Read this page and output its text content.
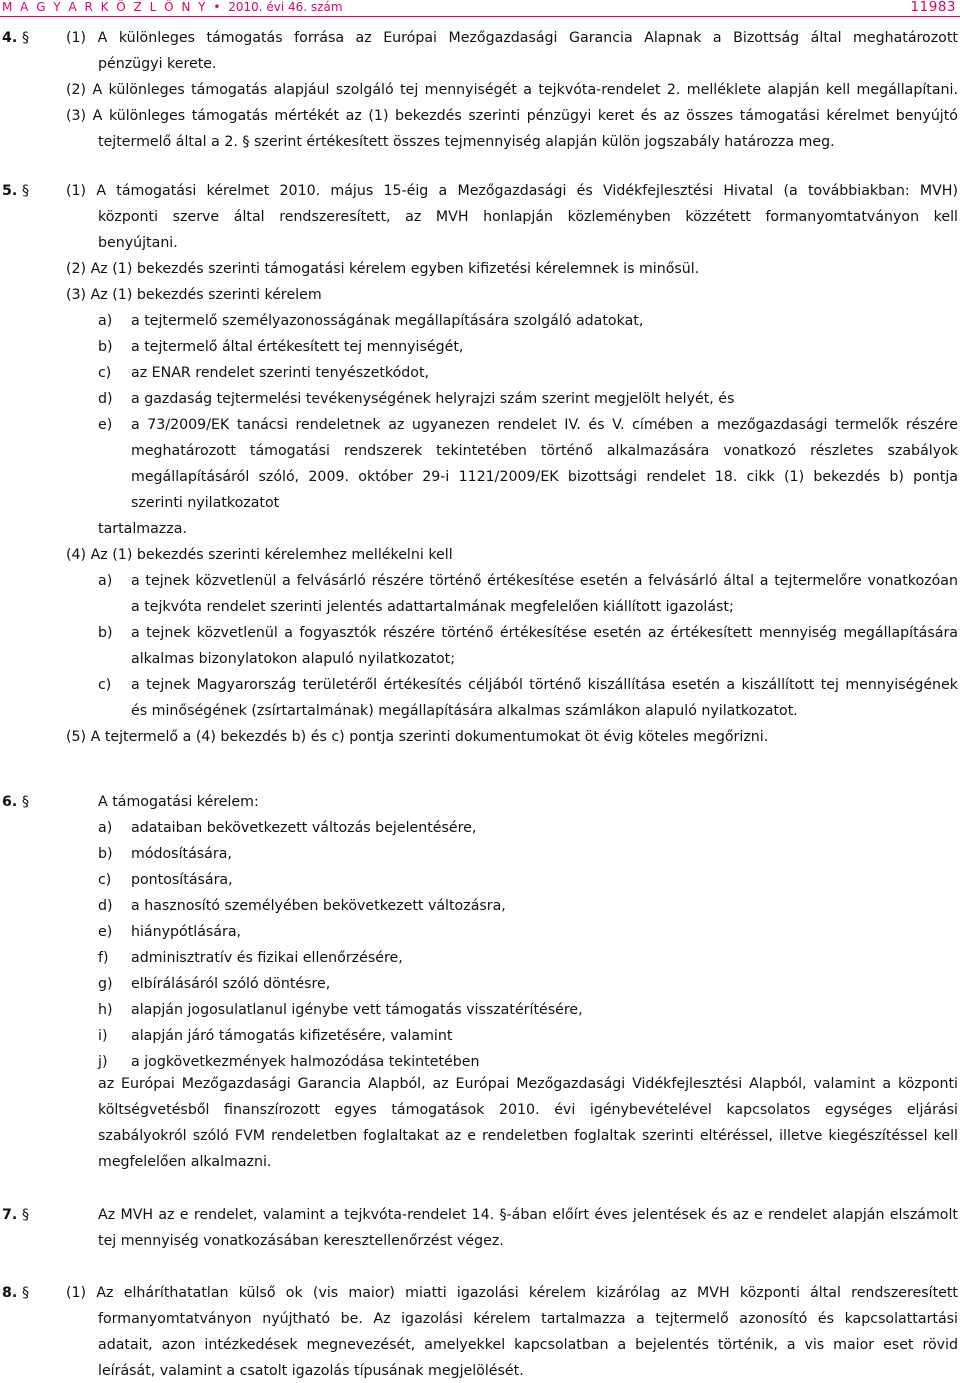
M A G Y A R K Ö Z L Ö N Y • 2010. évi 46. szám	11983
4. §	(1) A különleges támogatás forrása az Európai Mezőgazdasági Garancia Alapnak a Bizottság által meghatározott
pénzügyi kerete.
(2) A különleges támogatás alapjául szolgáló tej mennyiségét a tejkvóta-rendelet 2. melléklete alapján kell megállapítani.
(3) A különleges támogatás mértékét az (1) bekezdés szerinti pénzügyi keret és az összes támogatási kérelmet benyújtó
tejtermelő által a 2. § szerint értékesített összes tejmennyiség alapján külön jogszabály határozza meg.
5. §	(1) A támogatási kérelmet 2010. május 15-éig a Mezőgazdasági és Vidékfejlesztési Hivatal (a továbbiakban: MVH)
központi szerve által rendszeresített, az MVH honlapján közleményben közzétett formanyomtatványon kell
benyújtani.
(2) Az (1) bekezdés szerinti támogatási kérelem egyben kifizetési kérelemnek is minősül.
(3) Az (1) bekezdés szerinti kérelem
a) a tejtermelő személyazonosságának megállapítására szolgáló adatokat,
b) a tejtermelő által értékesített tej mennyiségét,
c) az ENAR rendelet szerinti tenyészetkódot,
d) a gazdaság tejtermelési tevékenységének helyrajzi szám szerint megjelölt helyét, és
e) a 73/2009/EK tanácsi rendeletnek az ugyanezen rendelet IV. és V. címében a mezőgazdasági termelők részére
meghatározott támogatási rendszerek tekintetében történő alkalmazására vonatkozó részletes szabályok
megállapításáról szóló, 2009. október 29-i 1121/2009/EK bizottsági rendelet 18. cikk (1) bekezdés b) pontja
szerinti nyilatkozatot
tartalmazza.
(4) Az (1) bekezdés szerinti kérelemhez mellékelni kell
a) a tejnek közvetlenül a felvásárló részére történő értékesítése esetén a felvásárló által a tejtermelőre vonatkozóan
a tejkvóta rendelet szerinti jelentés adattartalmának megfelelően kiállított igazolást;
b) a tejnek közvetlenül a fogyasztók részére történő értékesítése esetén az értékesített mennyiség megállapítására
alkalmas bizonylatokon alapuló nyilatkozatot;
c) a tejnek Magyarország területéről értékesítés céljából történő kiszállítása esetén a kiszállított tej mennyiségének
és minőségének (zsírtartalmának) megállapítására alkalmas számlákon alapuló nyilatkozatot.
(5) A tejtermelő a (4) bekezdés b) és c) pontja szerinti dokumentumokat öt évig köteles megőrizni.
6. §	A támogatási kérelem:
a) adataiban bekövetkezett változás bejelentésére,
b) módosítására,
c) pontosítására,
d) a hasznosító személyében bekövetkezett változásra,
e) hiánypótlására,
f) adminisztratív és fizikai ellenőrzésére,
g) elbírálásáról szóló döntésre,
h) alapján jogosulatlanul igénybe vett támogatás visszatérítésére,
i) alapján járó támogatás kifizetésére, valamint
j) a jogkövetkezmények halmozódása tekintetében
az Európai Mezőgazdasági Garancia Alapból, az Európai Mezőgazdasági Vidékfejlesztési Alapból, valamint a központi
költségvetésből finanszírozott egyes támogatások 2010. évi igénybevételével kapcsolatos egységes eljárási
szabályokról szóló FVM rendeletben foglaltakat az e rendeletben foglaltak szerinti eltéréssel, illetve kiegészítéssel kell
megfelelően alkalmazni.
7. §	Az MVH az e rendelet, valamint a tejkvóta-rendelet 14. §-ában előírt éves jelentések és az e rendelet alapján elszámolt
tej mennyiség vonatkozásában keresztellenőrzést végez.
8. §	(1) Az elháríthatatlan külső ok (vis maior) miatti igazolási kérelem kizárólag az MVH központi által rendszeresített
formanyomtatványon nyújtható be. Az igazolási kérelem tartalmazza a tejtermelő azonosító és kapcsolattartási
adatait, azon intézkedések megnevezését, amelyekkel kapcsolatban a bejelentés történik, a vis maior eset rövid
leírását, valamint a csatolt igazolás típusának megjelölését.
